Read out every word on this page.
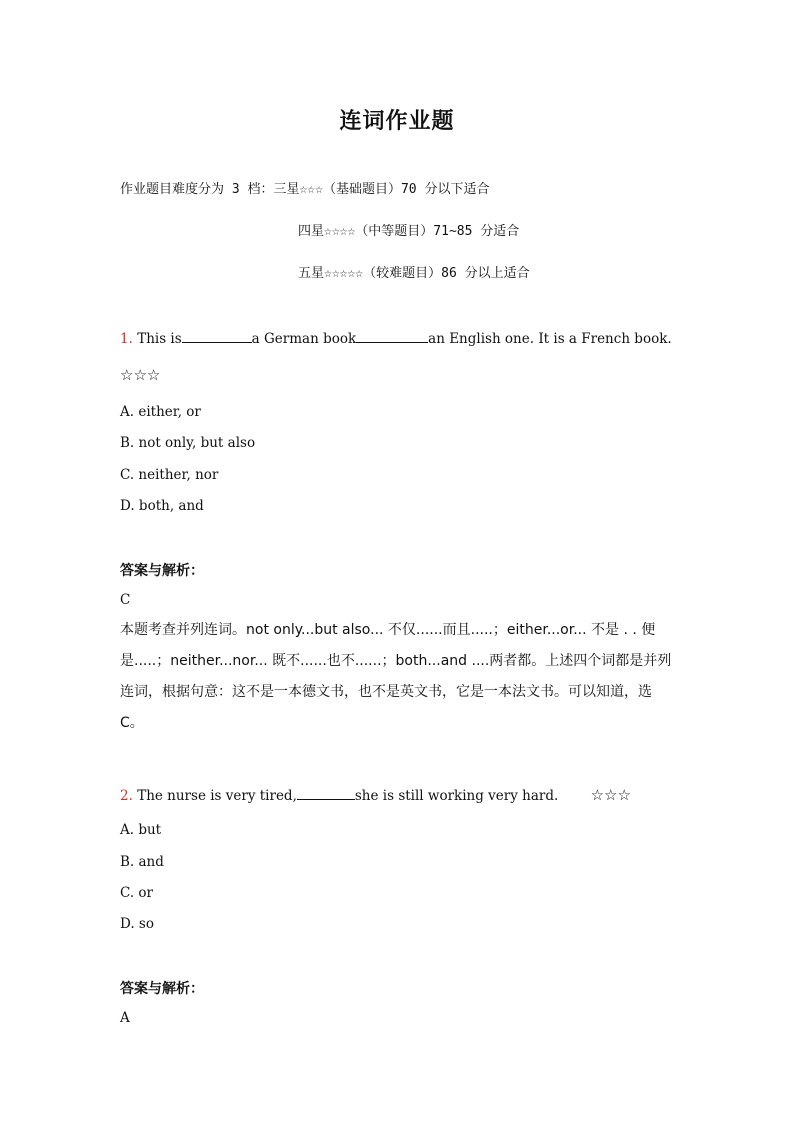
连词作业题
作业题目难度分为 3 档：三星☆☆☆（基础题目）70 分以下适合
四星☆☆☆☆（中等题目）71~85 分适合
五星☆☆☆☆☆（较难题目）86 分以上适合
1. This is	a German book	an English one. It is a French book.
☆☆☆
A. either, or
B. not only, but also
C. neither, nor
D. both, and
答案与解析：
C
本题考查并列连词。not only...but also... 不仅......而且.....；either...or... 不是 . . 便是.....；neither...nor... 既不......也不......；both...and ....两者都。上述四个词都是并列连词，根据句意：这不是一本德文书，也不是英文书，它是一本法文书。可以知道，选 C。
2. The nurse is very tired,	she is still working very hard. ☆☆☆
A. but
B. and
C. or
D. so
答案与解析：
A
